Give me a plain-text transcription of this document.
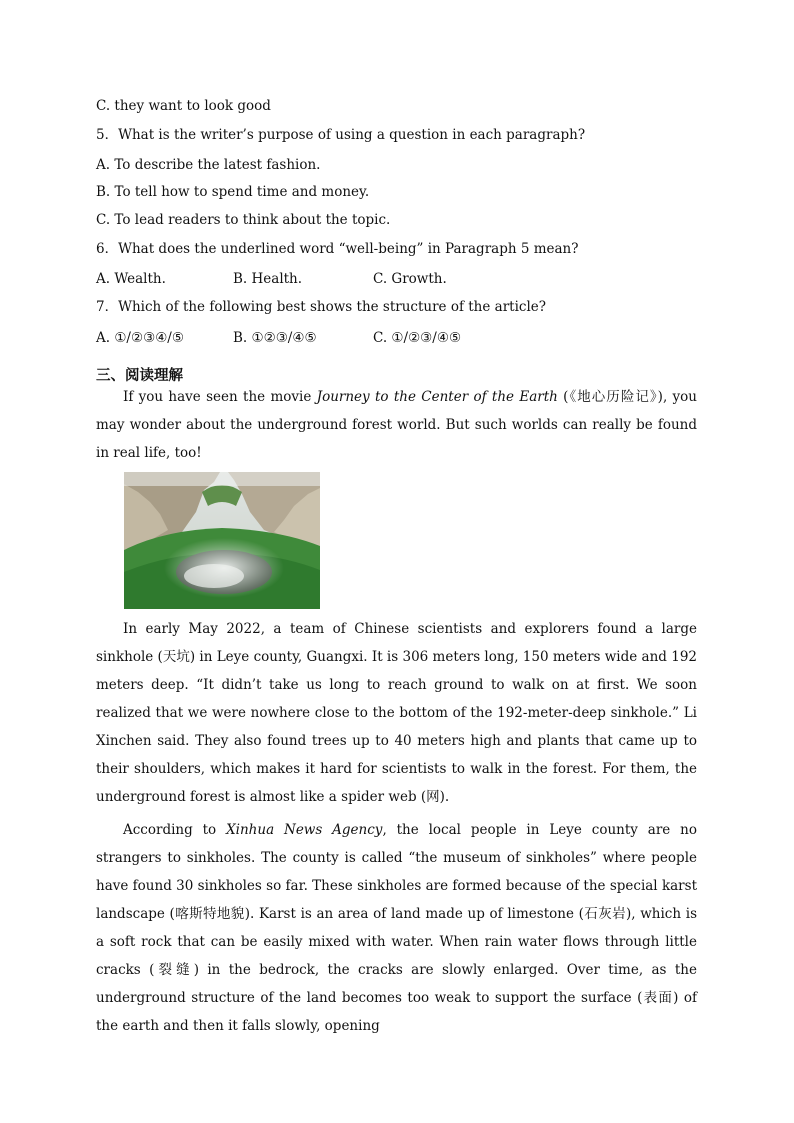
C. they want to look good
5．What is the writer’s purpose of using a question in each paragraph?
A. To describe the latest fashion.
B. To tell how to spend time and money.
C. To lead readers to think about the topic.
6．What does the underlined word “well-being” in Paragraph 5 mean?
A. Wealth.	B. Health.	C. Growth.
7．Which of the following best shows the structure of the article?
A. ①/②③④/⑤	B. ①②③/④⑤	C. ①/②③/④⑤
三、阅读理解

If you have seen the movie Journey to the Center of the Earth (《地心历险记》), you may wonder about the underground forest world. But such worlds can really be found in real life, too!

In early May 2022, a team of Chinese scientists and explorers found a large sinkhole (天坑) in Leye county, Guangxi. It is 306 meters long, 150 meters wide and 192 meters deep. “It didn’t take us long to reach ground to walk on at first. We soon realized that we were nowhere close to the bottom of the 192-meter-deep sinkhole.” Li Xinchen said. They also found trees up to 40 meters high and plants that came up to their shoulders, which makes it hard for scientists to walk in the forest. For them, the underground forest is almost like a spider web (网).

According to Xinhua News Agency, the local people in Leye county are no strangers to sinkholes. The county is called “the museum of sinkholes” where people have found 30 sinkholes so far. These sinkholes are formed because of the special karst landscape (喀斯特地貌). Karst is an area of land made up of limestone (石灰岩), which is a soft rock that can be easily mixed with water. When rain water flows through little cracks (裂缝) in the bedrock, the cracks are slowly enlarged. Over time, as the underground structure of the land becomes too weak to support the surface (表面) of the earth and then it falls slowly, opening
